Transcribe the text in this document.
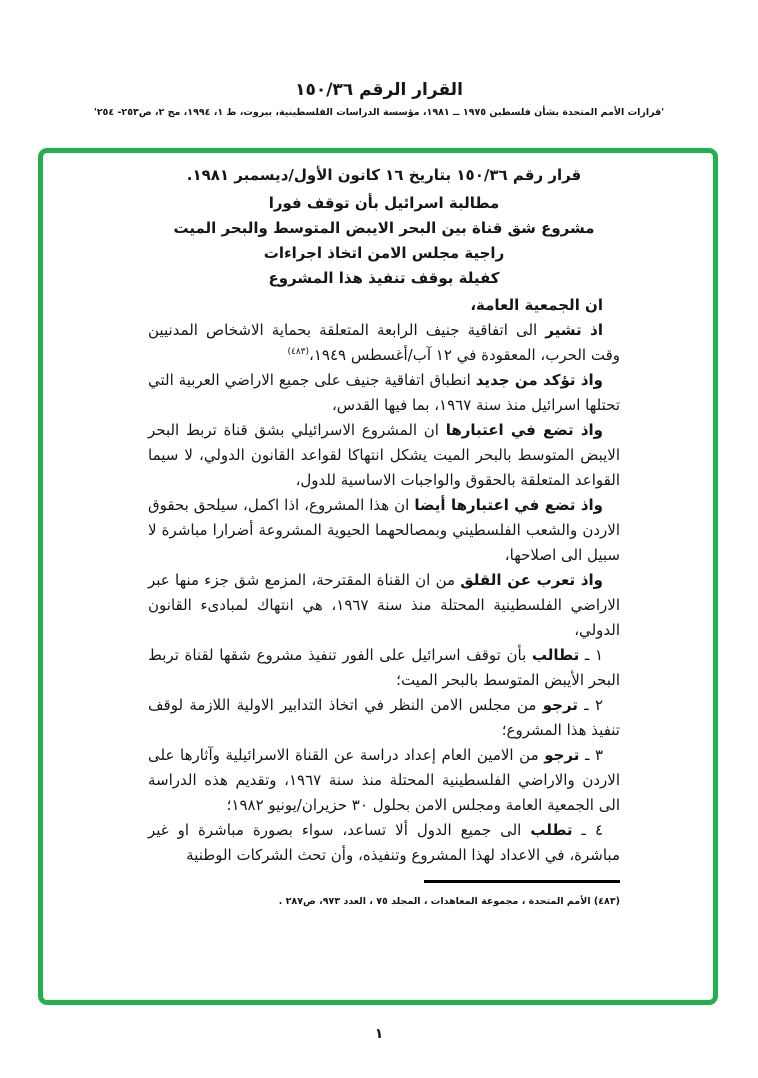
القرار الرقم ١٥٠/٣٦
'قرارات الأمم المتحدة بشأن فلسطين ١٩٧٥ ــ ١٩٨١، مؤسسة الدراسات الفلسطينية، بيروت، ط ١، ١٩٩٤، مج ٢، ص٢٥٣- ٢٥٤'

قرار رقم ١٥٠/٣٦ بتاريخ ١٦ كانون الأول/ديسمبر ١٩٨١.

مطالبة اسرائيل بأن توقف فورا
مشروع شق قناة بين البحر الايبض المتوسط والبحر الميت
راجية مجلس الامن اتخاذ اجراءات
كفيلة بوقف تنفيذ هذا المشروع

ان الجمعية العامة،

اذ تشير الى اتفاقية جنيف الرابعة المتعلقة بحماية الاشخاص المدنيين وقت الحرب، المعقودة في ١٢ آب/أغسطس ١٩٤٩،$^{(٤٨٣)}$

واذ تؤكد من جديد انطباق اتفاقية جنيف على جميع الاراضي العربية التي تحتلها اسرائيل منذ سنة ١٩٦٧، بما فيها القدس،

واذ تضع في اعتبارها ان المشروع الاسرائيلي بشق قناة تربط البحر الايبض المتوسط بالبحر الميت يشكل انتهاكا لقواعد القانون الدولي، لا سيما القواعد المتعلقة بالحقوق والواجبات الاساسية للدول،

واذ تضع في اعتبارها أيضا ان هذا المشروع، اذا اكمل، سيلحق بحقوق الاردن والشعب الفلسطيني وبمصالحهما الحيوية المشروعة أضرارا مباشرة لا سبيل الى اصلاحها،

واذ تعرب عن القلق من ان القناة المقترحة، المزمع شق جزء منها عبر الاراضي الفلسطينية المحتلة منذ سنة ١٩٦٧، هي انتهاك لمبادىء القانون الدولي،

١ ـ تطالب بأن توقف اسرائيل على الفور تنفيذ مشروع شقها لقناة تربط البحر الأيبض المتوسط بالبحر الميت؛

٢ ـ ترجو من مجلس الامن النظر في اتخاذ التدابير الاولية اللازمة لوقف تنفيذ هذا المشروع؛

٣ ـ ترجو من الامين العام إعداد دراسة عن القناة الاسرائيلية وآثارها على الاردن والاراضي الفلسطينية المحتلة منذ سنة ١٩٦٧، وتقديم هذه الدراسة الى الجمعية العامة ومجلس الامن بحلول ٣٠ حزيران/يونيو ١٩٨٢؛

٤ ـ تطلب الى جميع الدول ألا تساعد، سواء بصورة مباشرة او غير مباشرة، في الاعداد لهذا المشروع وتنفيذه، وأن تحث الشركات الوطنية

(٤٨٣) الأمم المتحدة ، مجموعة المعاهدات ، المجلد ٧٥ ، العدد ٩٧٣، ص٢٨٧ .

١
